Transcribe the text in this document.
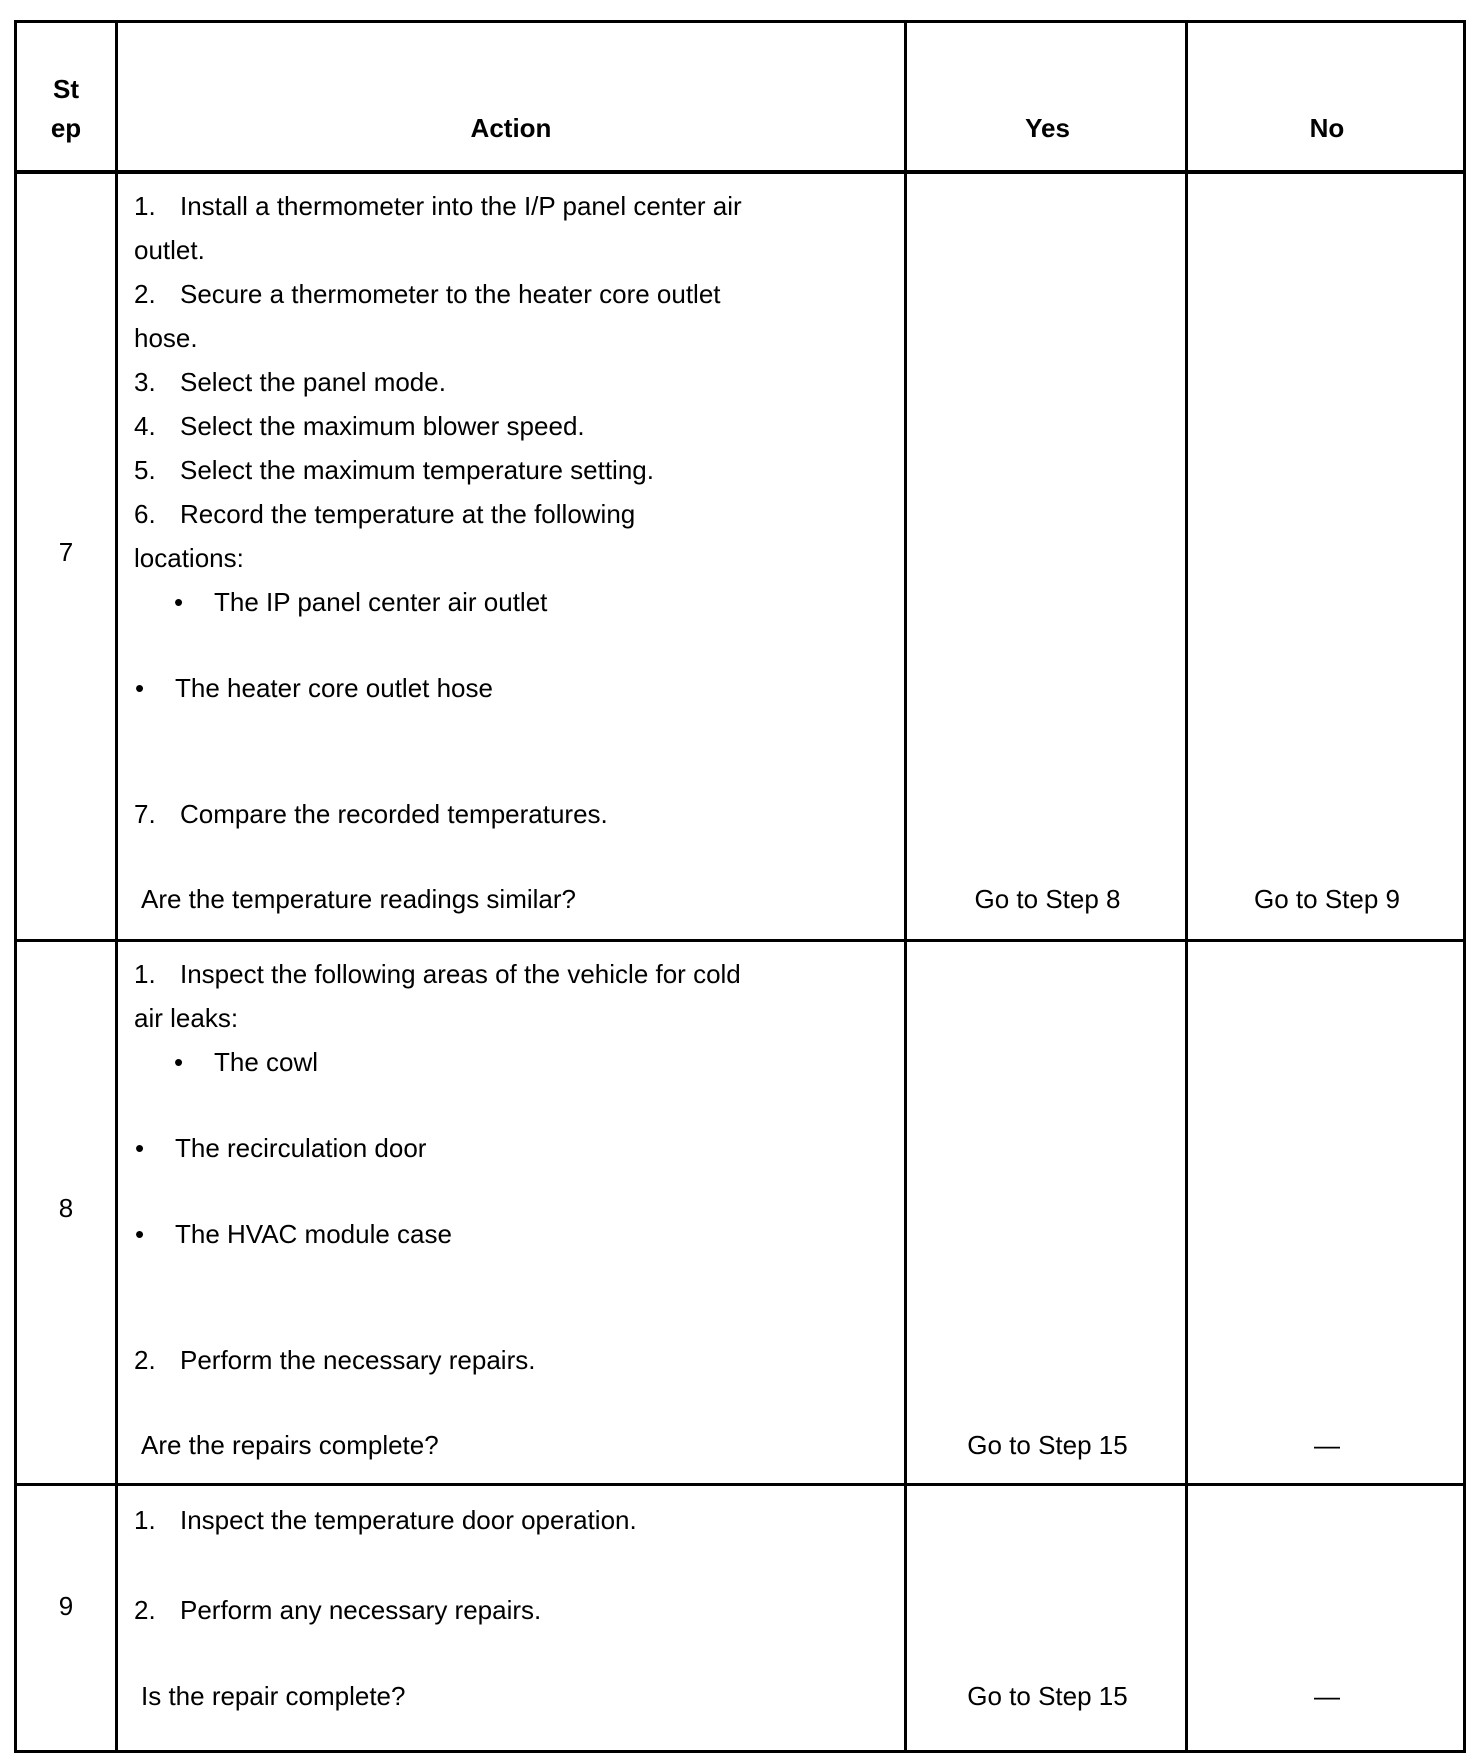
St
ep	Action	Yes	No
7
1. Install a thermometer into the I/P panel center air
outlet.
2. Secure a thermometer to the heater core outlet
hose.
3. Select the panel mode.
4. Select the maximum blower speed.
5. Select the maximum temperature setting.
6. Record the temperature at the following
locations:
• The IP panel center air outlet
• The heater core outlet hose
7. Compare the recorded temperatures.
Are the temperature readings similar?	Go to Step 8	Go to Step 9
8
1. Inspect the following areas of the vehicle for cold
air leaks:
• The cowl
• The recirculation door
• The HVAC module case
2. Perform the necessary repairs.
Are the repairs complete?	Go to Step 15	—
9
1. Inspect the temperature door operation.
2. Perform any necessary repairs.
Is the repair complete?	Go to Step 15	—
